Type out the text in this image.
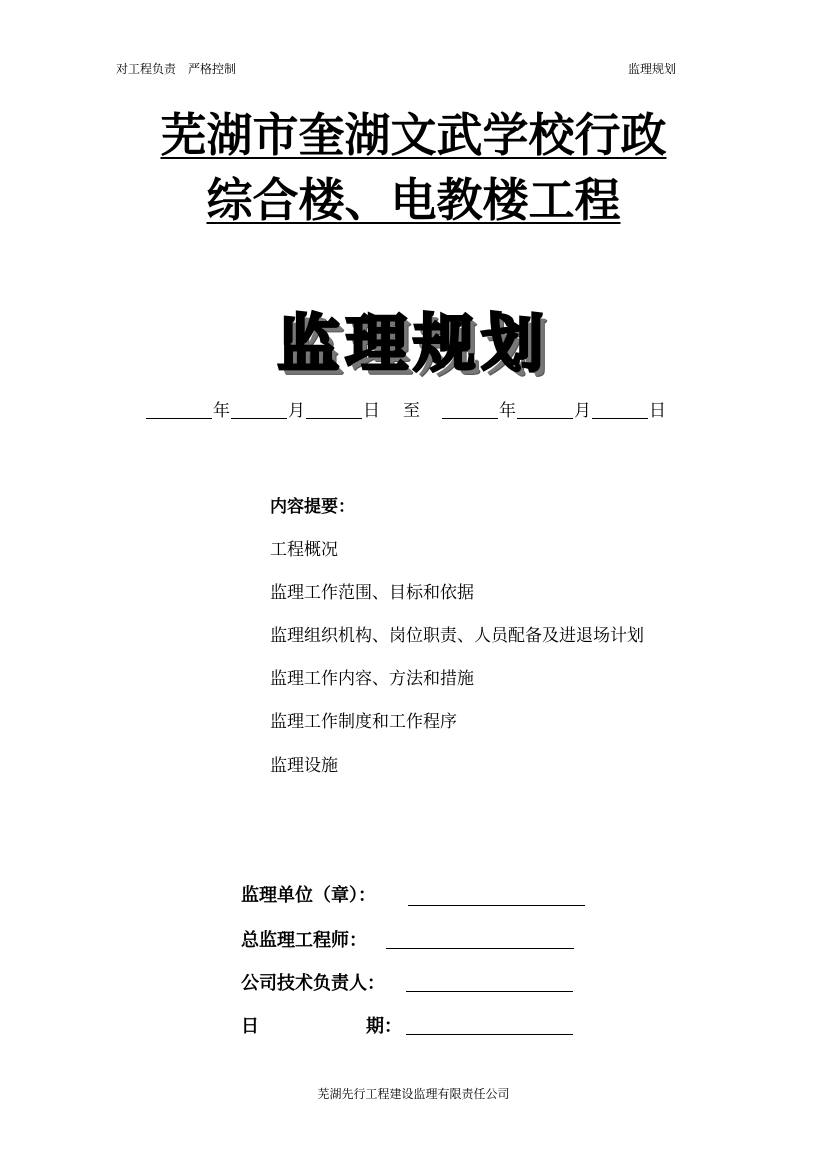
对工程负责　严格控制	监理规划
芜湖市奎湖文武学校行政
综合楼、电教楼工程
监理规划
年	月	日 至	年	月	日
内容提要：
工程概况
监理工作范围、目标和依据
监理组织机构、岗位职责、人员配备及进退场计划
监理工作内容、方法和措施
监理工作制度和工作程序
监理设施
监理单位（章）：
总监理工程师：
公司技术负责人：
日	期：
芜湖先行工程建设监理有限责任公司
